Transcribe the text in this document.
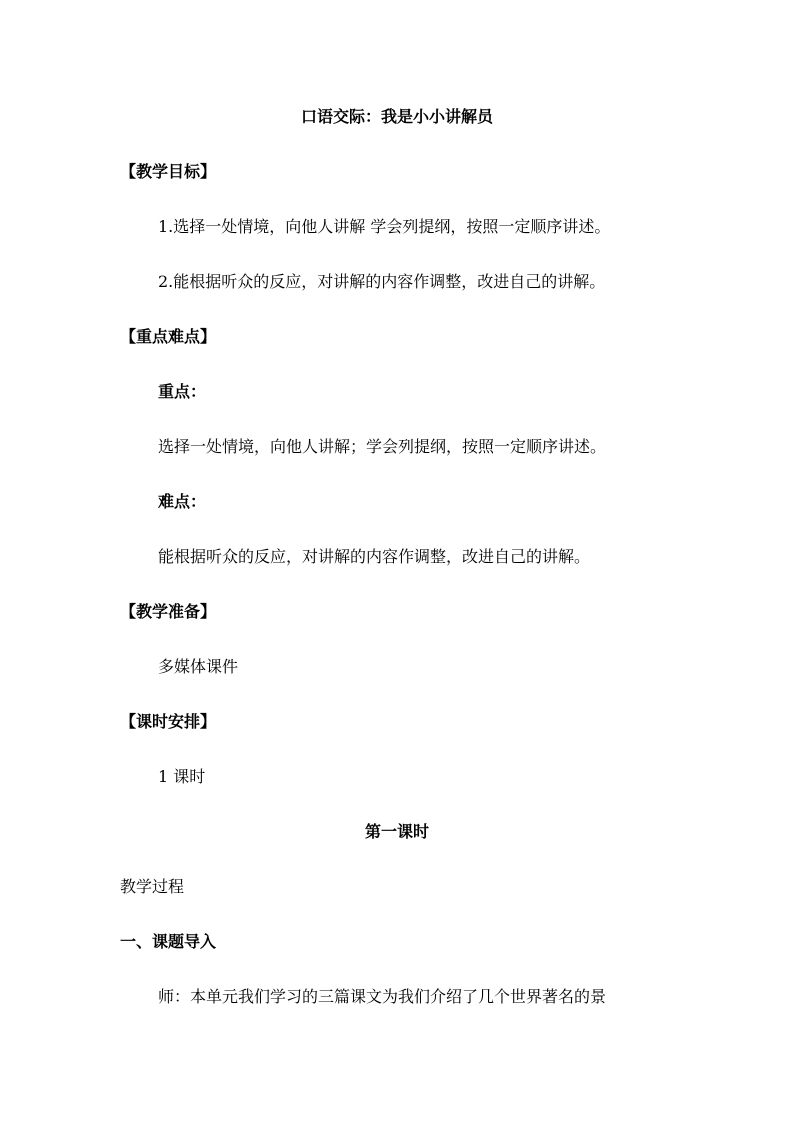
口语交际：我是小小讲解员
【教学目标】
1.选择一处情境，向他人讲解 学会列提纲，按照一定顺序讲述。
2.能根据听众的反应，对讲解的内容作调整，改进自己的讲解。
【重点难点】
重点：
选择一处情境，向他人讲解；学会列提纲，按照一定顺序讲述。
难点：
能根据听众的反应，对讲解的内容作调整，改进自己的讲解。
【教学准备】
多媒体课件
【课时安排】
1 课时
第一课时
教学过程
一、课题导入
师：本单元我们学习的三篇课文为我们介绍了几个世界著名的景
